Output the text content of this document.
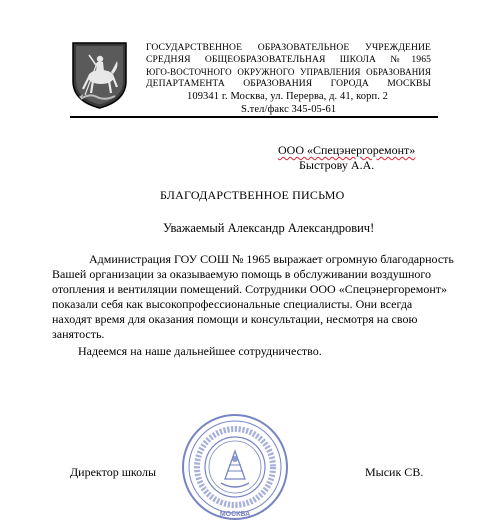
ГОСУДАРСТВЕННОЕ ОБРАЗОВАТЕЛЬНОЕ УЧРЕЖДЕНИЕ
СРЕДНЯЯ ОБЩЕОБРАЗОВАТЕЛЬНАЯ ШКОЛА №1965
ЮГО-ВОСТОЧНОГО ОКРУЖНОГО УПРАВЛЕНИЯ ОБРАЗОВАНИЯ
ДЕПАРТАМЕНТА ОБРАЗОВАНИЯ ГОРОДА МОСКВЫ
109341 г. Москва, ул. Перерва, д. 41, корп. 2
S.тел/факс 345-05-61
ООО «Спецэнергоремонт»
Быстрову А.А.
БЛАГОДАРСТВЕННОЕ ПИСЬМО
Уважаемый Александр Александрович!
Администрация ГОУ СОШ № 1965 выражает огромную благодарность
Вашей организации за оказываемую помощь в обслуживании воздушного
отопления и вентиляции помещений. Сотрудники ООО «Спецэнергоремонт»
показали себя как высокопрофессиональные специалисты. Они всегда
находят время для оказания помощи и консультации, несмотря на свою
занятость.
Надеемся на наше дальнейшее сотрудничество.
МОСКВА
Директор школы	Мысик СВ.
